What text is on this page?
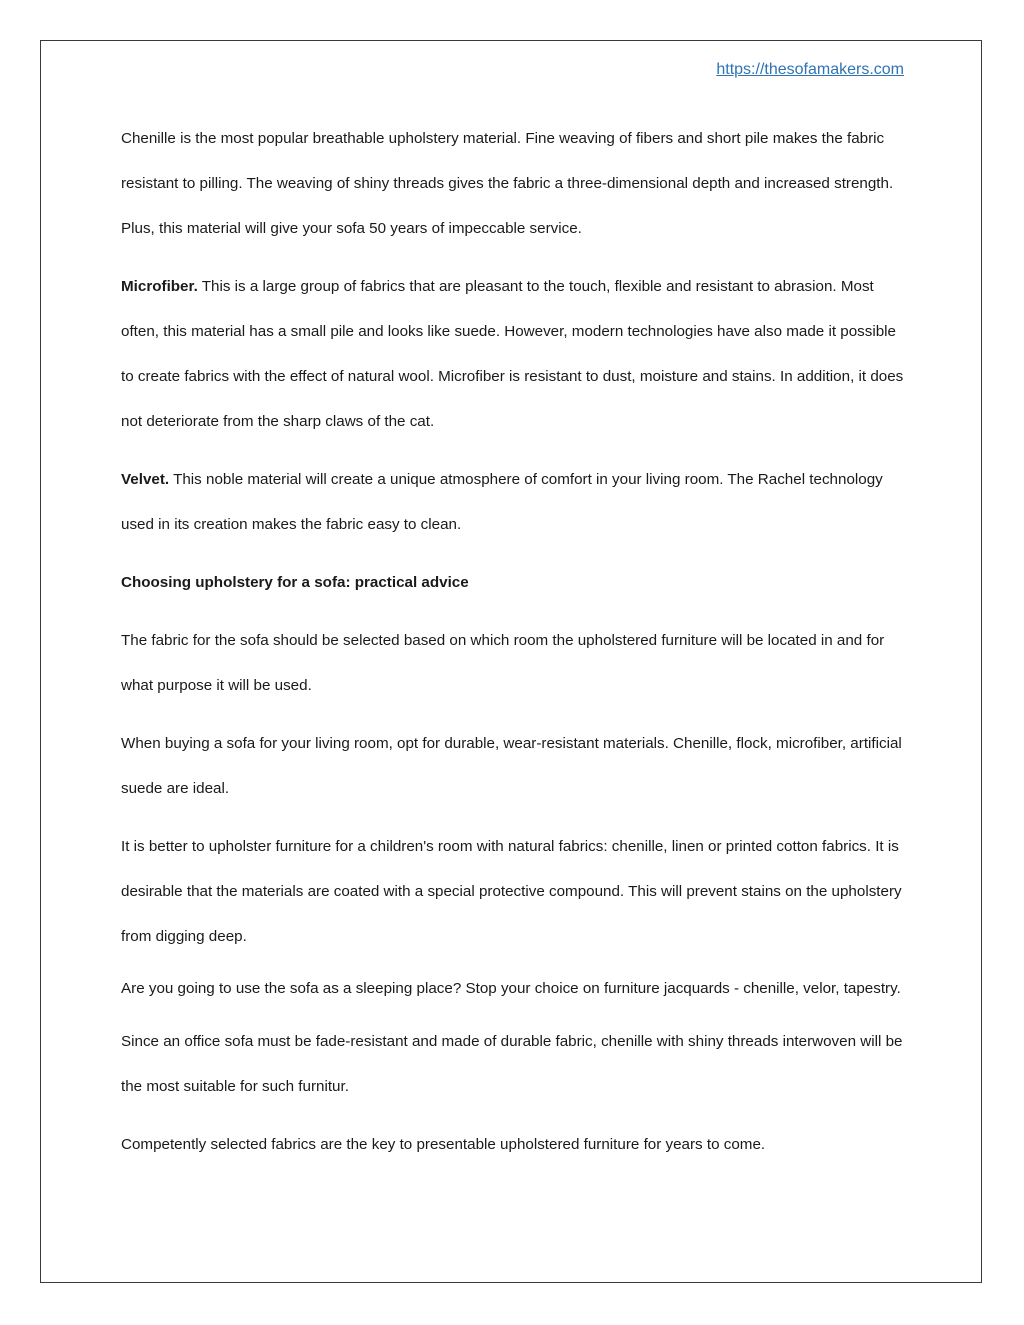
https://thesofamakers.com

Chenille is the most popular breathable upholstery material. Fine weaving of fibers and short pile makes the fabric resistant to pilling. The weaving of shiny threads gives the fabric a three-dimensional depth and increased strength. Plus, this material will give your sofa 50 years of impeccable service.

Microfiber. This is a large group of fabrics that are pleasant to the touch, flexible and resistant to abrasion. Most often, this material has a small pile and looks like suede. However, modern technologies have also made it possible to create fabrics with the effect of natural wool. Microfiber is resistant to dust, moisture and stains. In addition, it does not deteriorate from the sharp claws of the cat.

Velvet. This noble material will create a unique atmosphere of comfort in your living room. The Rachel technology used in its creation makes the fabric easy to clean.

Choosing upholstery for a sofa: practical advice

The fabric for the sofa should be selected based on which room the upholstered furniture will be located in and for what purpose it will be used.

When buying a sofa for your living room, opt for durable, wear-resistant materials. Chenille, flock, microfiber, artificial suede are ideal.

It is better to upholster furniture for a children's room with natural fabrics: chenille, linen or printed cotton fabrics. It is desirable that the materials are coated with a special protective compound. This will prevent stains on the upholstery from digging deep.

Are you going to use the sofa as a sleeping place? Stop your choice on furniture jacquards - chenille, velor, tapestry.

Since an office sofa must be fade-resistant and made of durable fabric, chenille with shiny threads interwoven will be the most suitable for such furnitur.

Competently selected fabrics are the key to presentable upholstered furniture for years to come.
